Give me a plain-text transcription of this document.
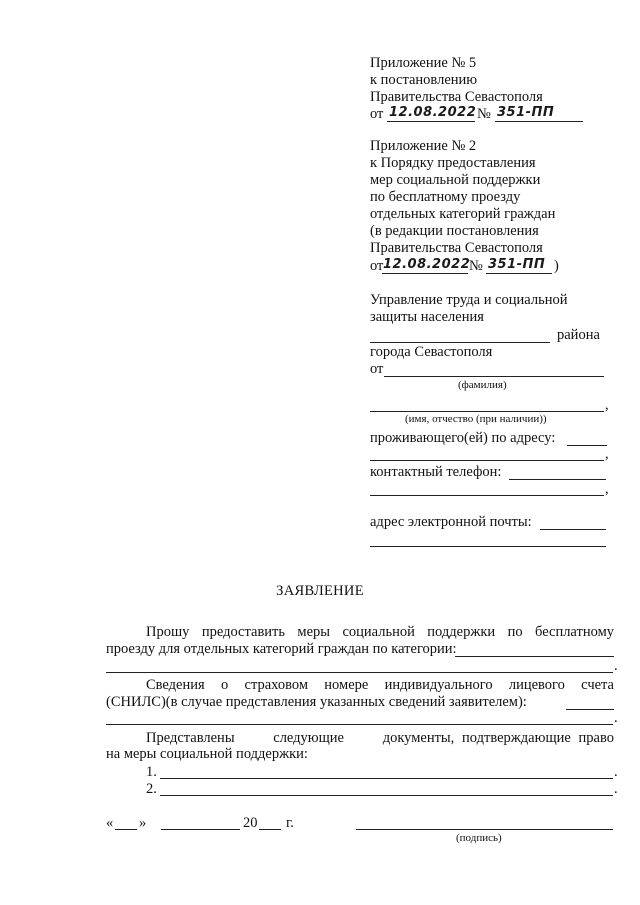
Приложение № 5
к постановлению
Правительства Севастополя
от 12.08.2022 № 351-ПП
Приложение № 2
к Порядку предоставления
мер социальной поддержки
по бесплатному проезду
отдельных категорий граждан
(в редакции постановления
Правительства Севастополя
от 12.08.2022
№ 351-ПП )
Управление труда и социальной
защиты населения
района
города Севастополя
от
(фамилия)
,
(имя, отчество (при наличии))
проживающего(ей) по адресу:
,
контактный телефон:
,
адрес электронной почты:
ЗАЯВЛЕНИЕ
Прошу предоставить меры социальной поддержки по бесплатному
проезду для отдельных категорий граждан по категории:
.
Сведения о страховом номере индивидуального лицевого счета
(СНИЛС)(в случае представления указанных сведений заявителем):
.
Представлены     следующие     документы, подтверждающие право
на меры социальной поддержки:
1.	.
2.	.
« »	20 г.
(подпись)
